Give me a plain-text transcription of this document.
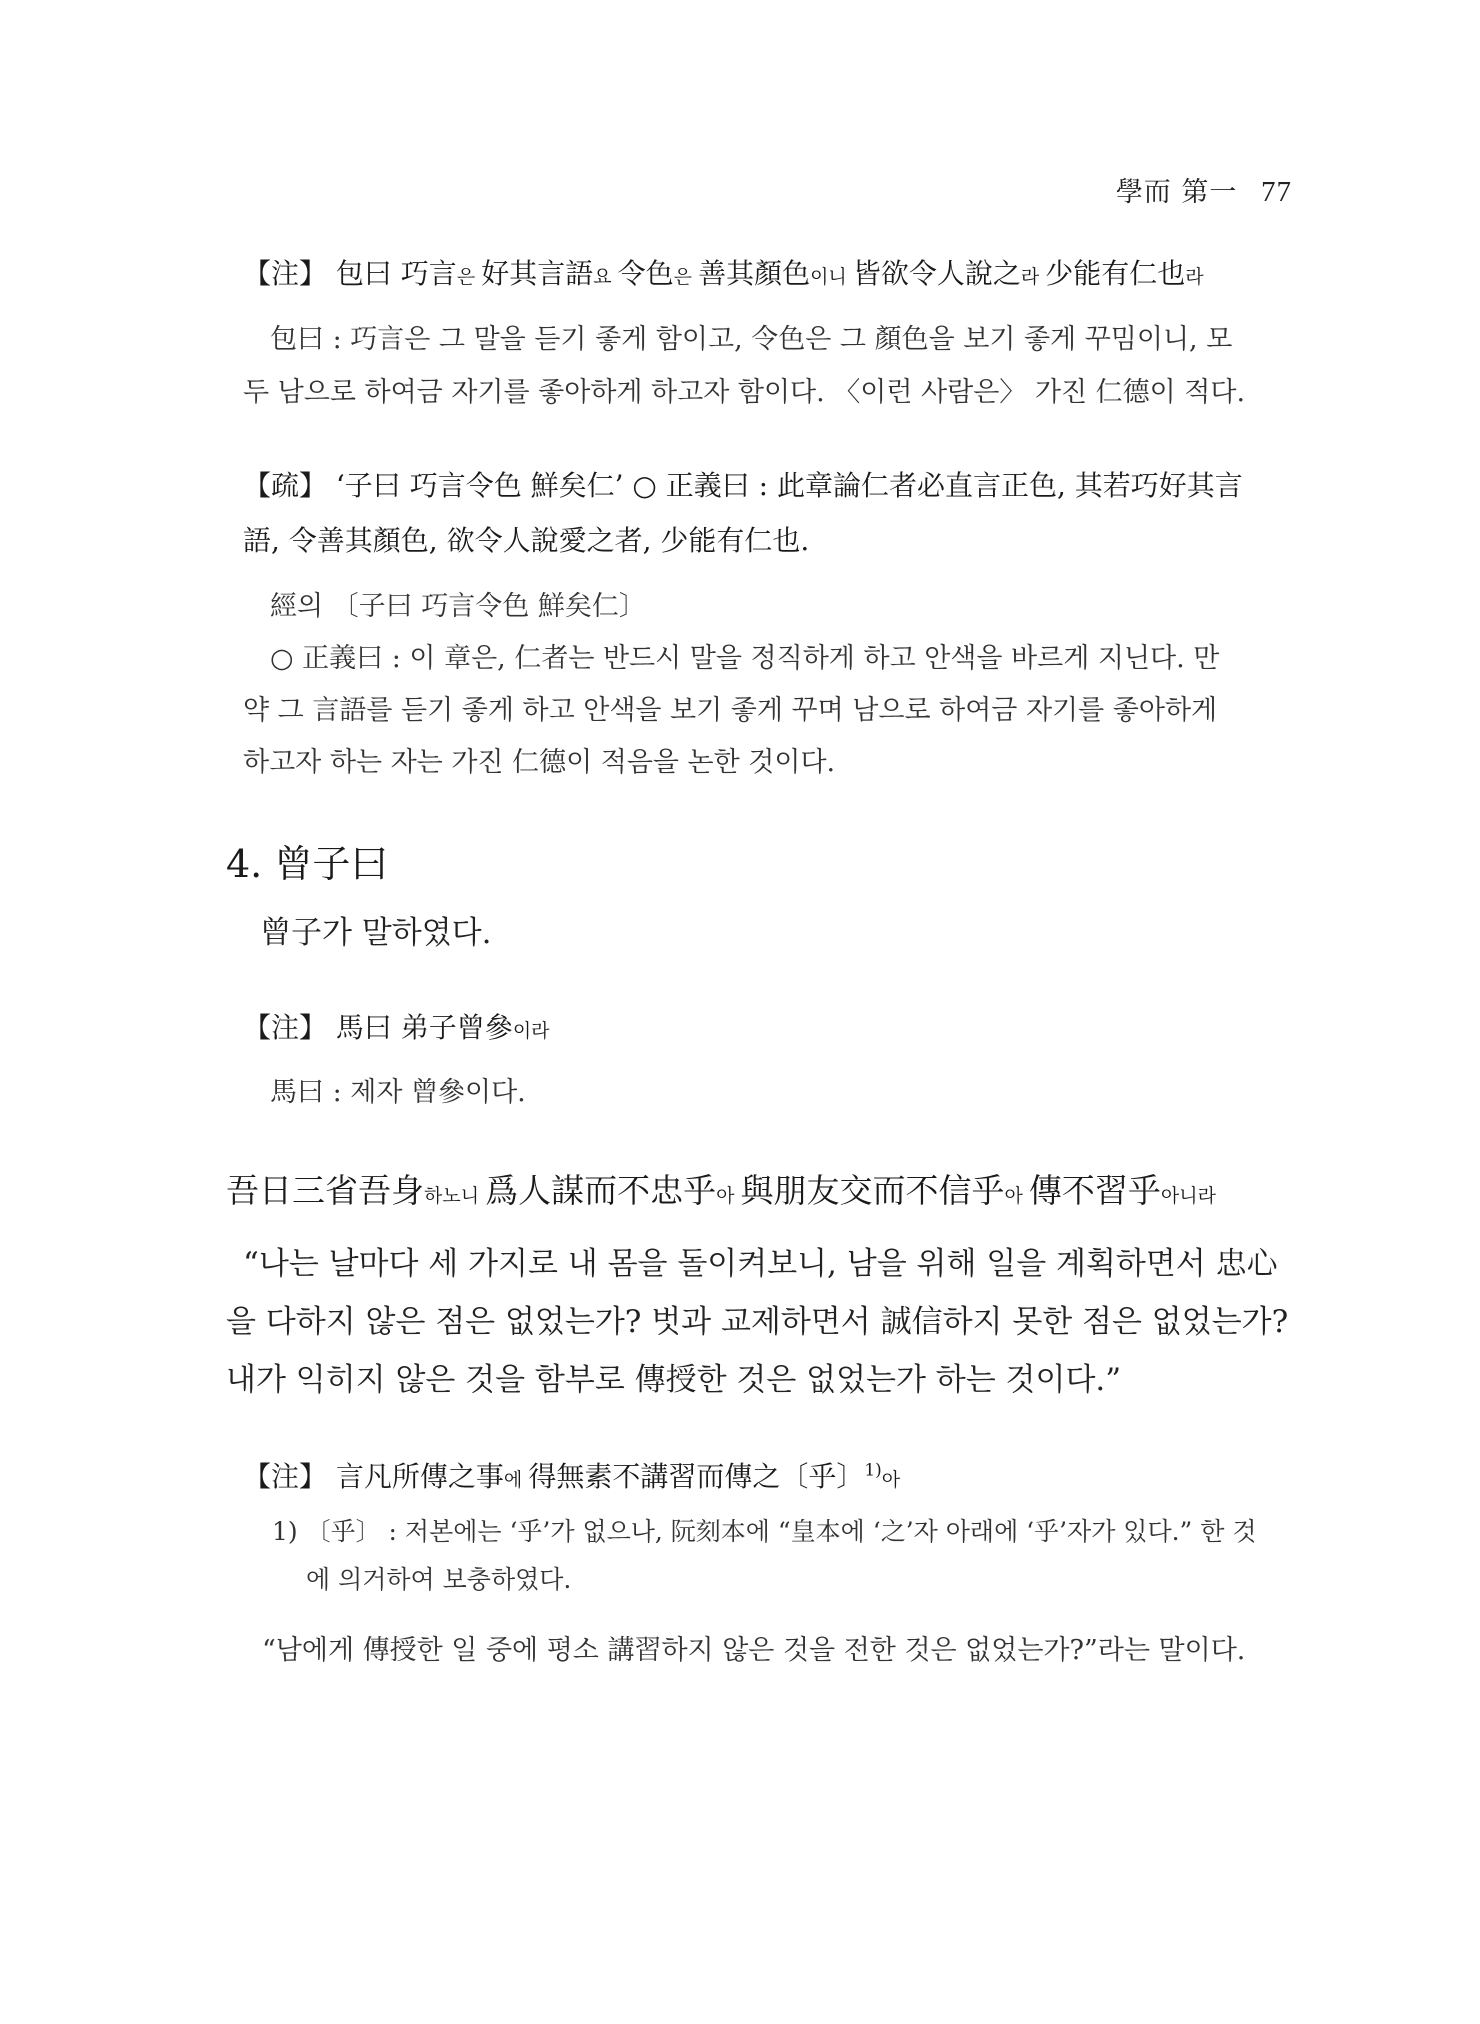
學而 第一 77
【注】 包曰 巧言은 好其言語요 令色은 善其顏色이니 皆欲令人說之라 少能有仁也라
包曰 : 巧言은 그 말을 듣기 좋게 함이고, 令色은 그 顏色을 보기 좋게 꾸밈이니, 모
두 남으로 하여금 자기를 좋아하게 하고자 함이다. 〈이런 사람은〉 가진 仁德이 적다.
【疏】 ‘子曰 巧言令色 鮮矣仁’ ○ 正義曰 : 此章論仁者必直言正色, 其若巧好其言
語, 令善其顏色, 欲令人說愛之者, 少能有仁也.
經의 〔子曰 巧言令色 鮮矣仁〕
○ 正義曰 : 이 章은, 仁者는 반드시 말을 정직하게 하고 안색을 바르게 지닌다. 만
약 그 言語를 듣기 좋게 하고 안색을 보기 좋게 꾸며 남으로 하여금 자기를 좋아하게
하고자 하는 자는 가진 仁德이 적음을 논한 것이다.
4. 曾子曰
曾子가 말하였다.
【注】 馬曰 弟子曾參이라
馬曰 : 제자 曾參이다.
吾日三省吾身하노니 爲人謀而不忠乎아 與朋友交而不信乎아 傳不習乎아니라
“나는 날마다 세 가지로 내 몸을 돌이켜보니, 남을 위해 일을 계획하면서 忠心
을 다하지 않은 점은 없었는가? 벗과 교제하면서 誠信하지 못한 점은 없었는가?
내가 익히지 않은 것을 함부로 傳授한 것은 없었는가 하는 것이다.”
【注】 言凡所傳之事에 得無素不講習而傳之〔乎〕$^{1)}$아
1) 〔乎〕 : 저본에는 ‘乎’가 없으나, 阮刻本에 “皇本에 ‘之’자 아래에 ‘乎’자가 있다.” 한 것
에 의거하여 보충하였다.
“남에게 傳授한 일 중에 평소 講習하지 않은 것을 전한 것은 없었는가?”라는 말이다.
